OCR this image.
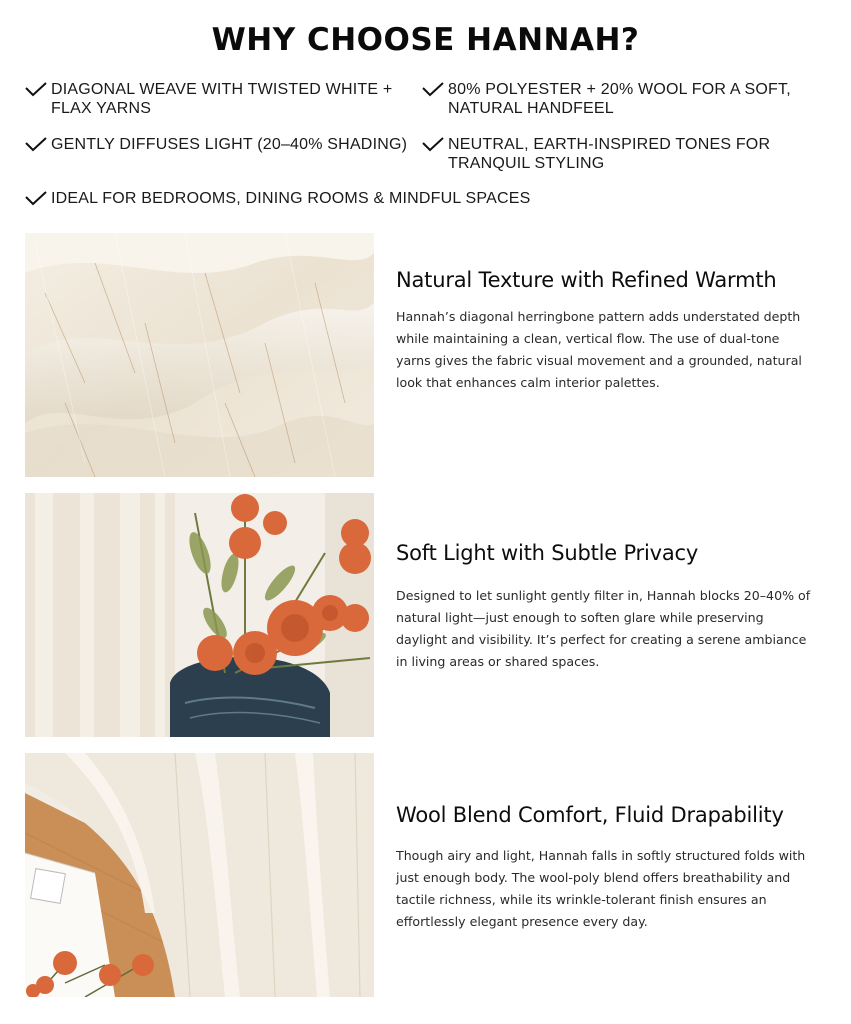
WHY CHOOSE HANNAH?
DIAGONAL WEAVE WITH TWISTED WHITE + FLAX YARNS
80% POLYESTER + 20% WOOL FOR A SOFT, NATURAL HANDFEEL
GENTLY DIFFUSES LIGHT (20–40% SHADING)	NEUTRAL, EARTH-INSPIRED TONES FOR TRANQUIL STYLING
IDEAL FOR BEDROOMS, DINING ROOMS & MINDFUL SPACES
Natural Texture with Refined Warmth
Hannah’s diagonal herringbone pattern adds understated depth while maintaining a clean, vertical flow. The use of dual-tone yarns gives the fabric visual movement and a grounded, natural look that enhances calm interior palettes.
Soft Light with Subtle Privacy
Designed to let sunlight gently filter in, Hannah blocks 20–40% of natural light—just enough to soften glare while preserving daylight and visibility. It’s perfect for creating a serene ambiance in living areas or shared spaces.
Wool Blend Comfort, Fluid Drapability
Though airy and light, Hannah falls in softly structured folds with just enough body. The wool-poly blend offers breathability and tactile richness, while its wrinkle-tolerant finish ensures an effortlessly elegant presence every day.
